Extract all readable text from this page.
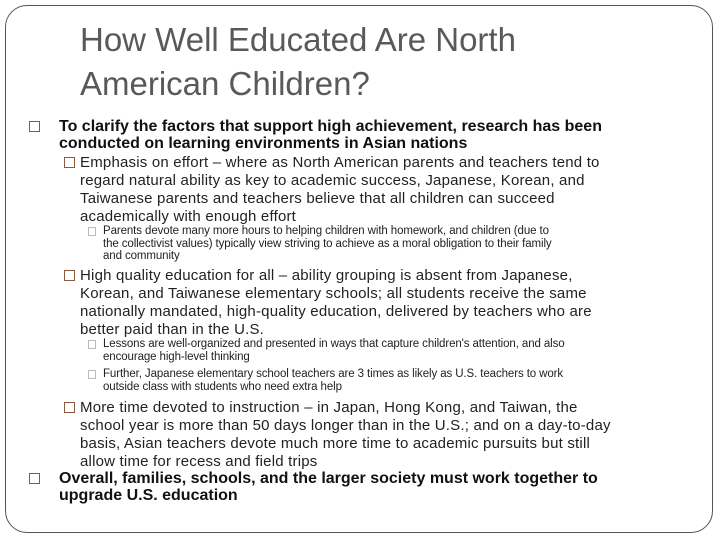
How Well Educated Are North
American Children?
To clarify the factors that support high achievement, research has been
conducted on learning environments in Asian nations
Emphasis on effort – where as North American parents and teachers tend to
regard natural ability as key to academic success, Japanese, Korean, and
Taiwanese parents and teachers believe that all children can succeed
academically with enough effort
Parents devote many more hours to helping children with homework, and children (due to
the collectivist values) typically view striving to achieve as a moral obligation to their family
and community
High quality education for all – ability grouping is absent from Japanese,
Korean, and Taiwanese elementary schools; all students receive the same
nationally mandated, high-quality education, delivered by teachers who are
better paid than in the U.S.
Lessons are well-organized and presented in ways that capture children's attention, and also
encourage high-level thinking
Further, Japanese elementary school teachers are 3 times as likely as U.S. teachers to work
outside class with students who need extra help
More time devoted to instruction – in Japan, Hong Kong, and Taiwan, the
school year is more than 50 days longer than in the U.S.; and on a day-to-day
basis, Asian teachers devote much more time to academic pursuits but still
allow time for recess and field trips
Overall, families, schools, and the larger society must work together to
upgrade U.S. education
